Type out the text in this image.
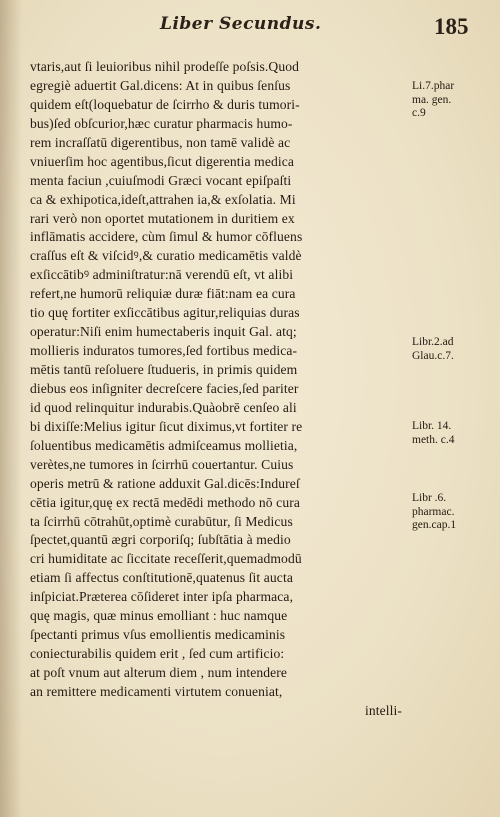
Liber Secundus.	185
vtaris,aut ſi leuioribus nihil prodeſſe poſsis.Quod
egregiè aduertit Gal.dicens: At in quibus ſenſus
quidem eſt(loquebatur de ſcirrho & duris tumori-
bus)ſed obſcurior,hæc curatur pharmacis humo-
rem incraſſatū digerentibus, non tamē validè ac
vniuerſim hoc agentibus,ſicut digerentia medica
menta faciun ,cuiuſmodi Græci vocant epiſpaſti
ca & exhipotica,ideſt,attrahen ia,& exſolatia. Mi
rari verò non oportet mutationem in duritiem ex
inflāmatis accidere, cùm ſimul & humor cōfluens
craſſus eſt & viſcidꝰ,& curatio medicamētis valdè
exſiccātibꝰ adminiſtratur:nā verendū eſt, vt alibi
refert,ne humorū reliquiæ duræ fiāt:nam ea cura
tio quę fortiter exſiccātibus agitur,reliquias duras
operatur:Niſi enim humectaberis inquit Gal. atq;
mollieris induratos tumores,ſed fortibus medica-
mētis tantū reſoluere ſtudueris, in primis quidem
diebus eos inſigniter decreſcere facies,ſed pariter
id quod relinquitur indurabis.Quàobrē cenſeo ali
bi dixiſſe:Melius igitur ſicut diximus,vt fortiter re
ſoluentibus medicamētis admiſceamus mollietia,
verètes,ne tumores in ſcirrhū couertantur. Cuius
operis metrū & ratione adduxit Gal.dicēs:Indureſ
cētia igitur,quę ex rectā medēdi methodo nō cura
ta ſcirrhū cōtrahūt,optimè curabūtur, ſi Medicus
ſpectet,quantū ægri corporiſq; ſubſtātia à medio
cri humiditate ac ſiccitate receſſerit,quemadmodū
etiam ſi affectus conſtitutionē,quatenus ſit aucta
inſpiciat.Præterea cōſideret inter ipſa pharmaca,
quę magis, quæ minus emolliant : huc namque
ſpectanti primus vſus emollientis medicaminis
coniecturabilis quidem erit , ſed cum artificio:
at poſt vnum aut alterum diem , num intendere
an remittere medicamenti virtutem conueniat,
intelli-
Li.7.phar
ma. gen.
c.9
Libr.2.ad
Glau.c.7.
Libr. 14.
meth. c.4
Libr .6.
pharmac.
gen.cap.1
